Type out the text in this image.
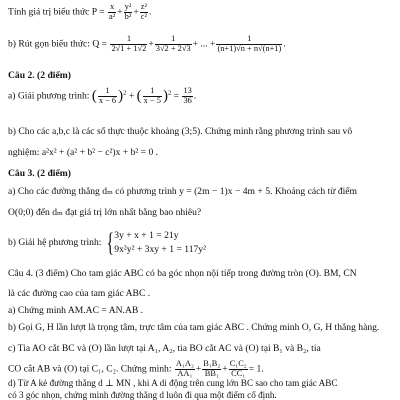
Tính giá trị biểu thức $P = \frac{x}{\text{a²}} + \frac{\text{y²}}{\text{b²}} + \frac{\text{z²}}{\text{c²}}$ .
b) Rút gọn biểu thức: $Q = \frac{1}{2√1 + 1√2} + \frac{1}{3√2 + 2√3}$ + ... + $\frac{1}{(n+1)√n + n√(n+1)}$ .
Câu 2. (2 điểm)
a) Giải phương trình: ( $\frac{1}{x - 6} )^2$ + ( $\frac{1}{x - 5} )^2 = \frac{13}{36}$ .
b) Cho các a,b,c là các số thực thuộc khoảng (3;5). Chứng minh rằng phương trình sau vô
nghiệm: a²x² + (a² + b² − c²)x + b² = 0 .
Câu 3. (2 điểm)
a) Cho các đường thẳng dₘ có phương trình y = (2m − 1)x − 4m + 5. Khoảng cách từ điểm
O(0;0) đến dₘ đạt giá trị lớn nhất bằng bao nhiêu?
b) Giải hệ phương trình: { 3y + x + 1 = 21y
9x²y² + 3xy + 1 = 117y²
Câu 4. (3 điểm) Cho tam giác ABC có ba góc nhọn nội tiếp trong đường tròn (O). BM, CN
là các đường cao của tam giác ABC .
a) Chứng minh AM.AC = AN.AB .
b) Gọi G, H lần lượt là trọng tâm, trực tâm của tam giác ABC . Chứng minh O, G, H thẳng hàng.
c) Tia AO cắt BC và (O) lần lượt tại A₁, A₂, tia BO cắt AC và (O) tại B₁ và B₂, tia
CO cắt AB và (O) tại C₁, C₂. Chứng minh: $\frac{\text{A₁A₂}}{\text{AA₁}} + \frac{\text{B₁B₂}}{\text{BB₁}} + \frac{\text{C₁C₂}}{\text{CC₁}} = 1$.
d) Từ A kẻ đường thẳng d ⊥ MN , khi A di động trên cung lớn BC sao cho tam giác ABC
có 3 góc nhọn, chứng minh đường thẳng d luôn đi qua một điểm cố định.
